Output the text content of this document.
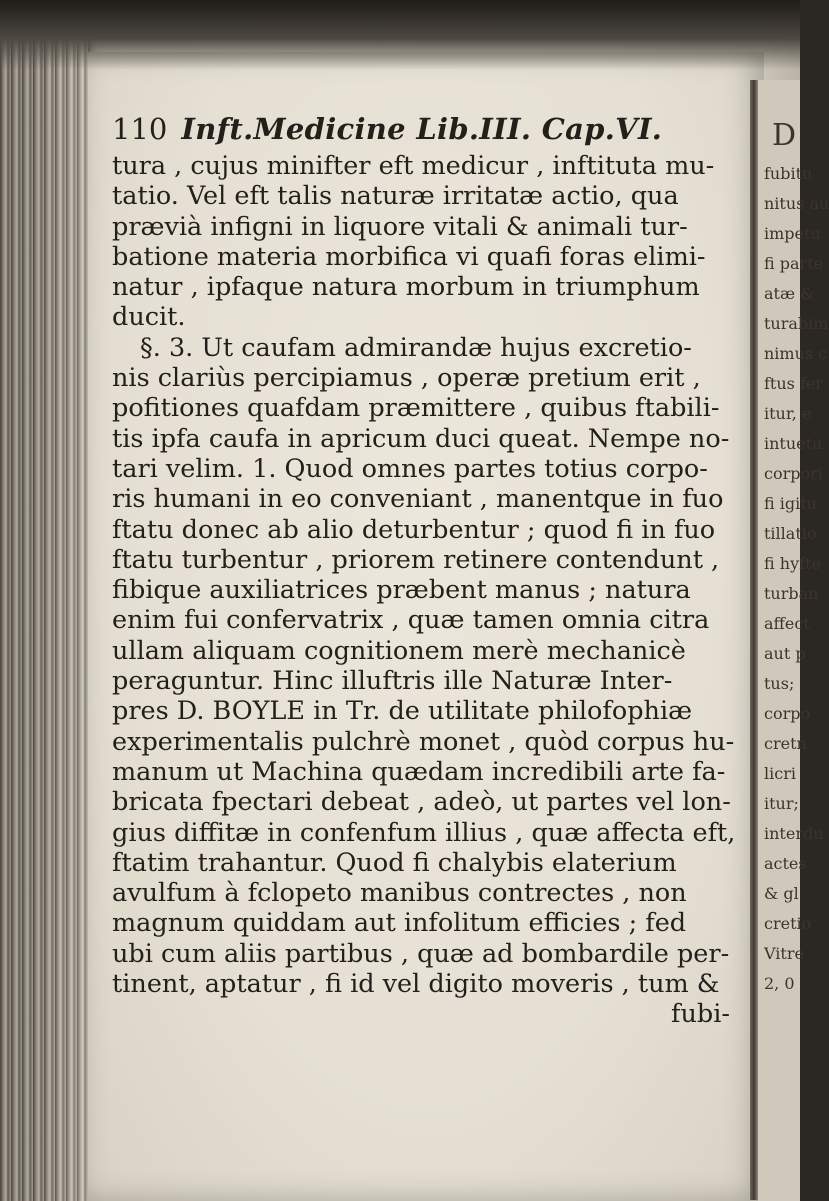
D
fubitu
nitus au
impetu
fi parte
atæ &
turabim
nimus c
ftus fer
itur, e
intuetu
corpori
fi igitu
tillatio
fi hyfte
turban
affect
aut p
tus;
corpo
cretn
licri
itur;
interdu
actes
& gl
cretio
Vitre
2, 0
110 Inft.Medicine Lib.III. Cap.VI.
tura , cujus minifter eft medicur , inftituta mu-
tatio. Vel eft talis naturæ irritatæ actio, qua
prævià infigni in liquore vitali & animali tur-
batione materia morbifica vi quafi foras elimi-
natur , ipfaque natura morbum in triumphum
ducit.
§. 3. Ut caufam admirandæ hujus excretio-
nis clariùs percipiamus , operæ pretium erit ,
pofitiones quafdam præmittere , quibus ftabili-
tis ipfa caufa in apricum duci queat. Nempe no-
tari velim. 1. Quod omnes partes totius corpo-
ris humani in eo conveniant , manentque in fuo
ftatu donec ab alio deturbentur ; quod fi in fuo
ftatu turbentur , priorem retinere contendunt ,
fibique auxiliatrices præbent manus ; natura
enim fui confervatrix , quæ tamen omnia citra
ullam aliquam cognitionem merè mechanicè
peraguntur. Hinc illuftris ille Naturæ Inter-
pres D. BOYLE in Tr. de utilitate philofophiæ
experimentalis pulchrè monet , quòd corpus hu-
manum ut Machina quædam incredibili arte fa-
bricata fpectari debeat , adeò, ut partes vel lon-
gius diffitæ in confenfum illius , quæ affecta eft,
ftatim trahantur. Quod fi chalybis elaterium
avulfum à fclopeto manibus contrectes , non
magnum quiddam aut infolitum efficies ; fed
ubi cum aliis partibus , quæ ad bombardile per-
tinent, aptatur , fi id vel digito moveris , tum &
fubi-
